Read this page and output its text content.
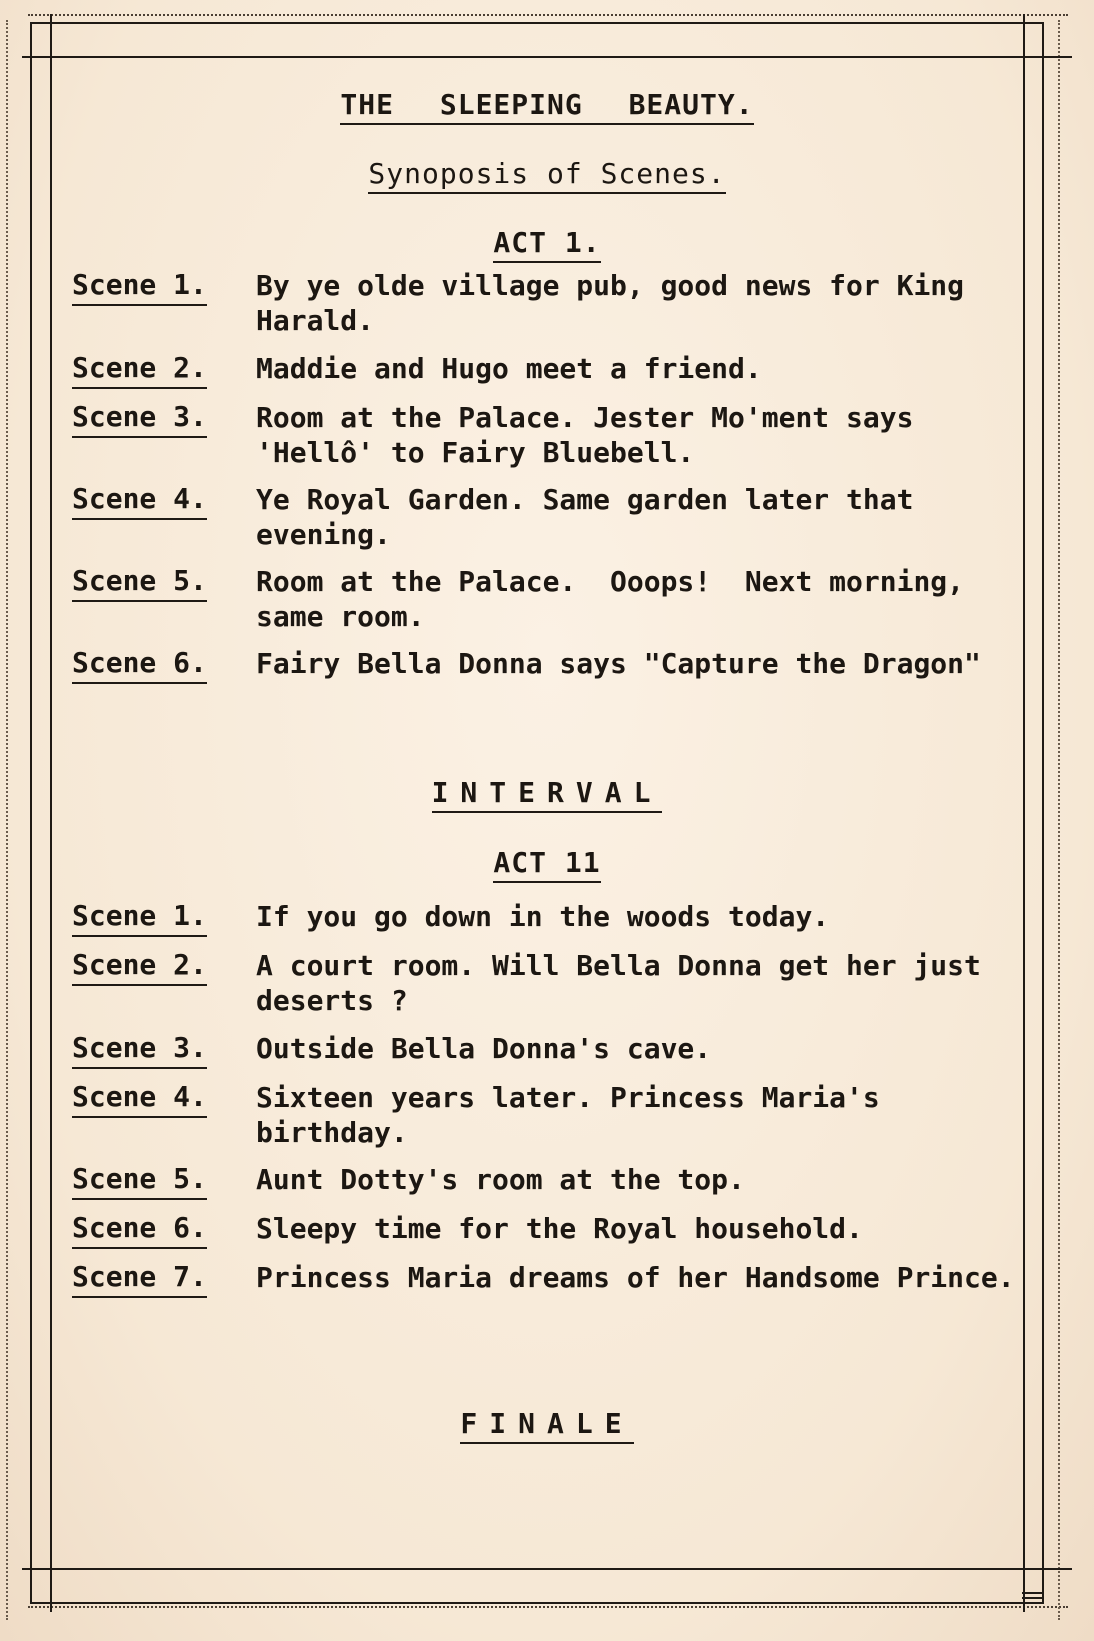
THE SLEEPING BEAUTY.
Synoposis of Scenes.
ACT 1.
Scene 1. By ye olde village pub, good news for King Harald.
Scene 2. Maddie and Hugo meet a friend.
Scene 3. Room at the Palace. Jester Mo'ment says 'Hellô' to Fairy Bluebell.
Scene 4. Ye Royal Garden. Same garden later that evening.
Scene 5. Room at the Palace.  Ooops!  Next morning, same room.
Scene 6. Fairy Bella Donna says "Capture the Dragon"
INTERVAL
ACT 11
Scene 1. If you go down in the woods today.
Scene 2. A court room. Will Bella Donna get her just deserts ?
Scene 3. Outside Bella Donna's cave.
Scene 4. Sixteen years later. Princess Maria's birthday.
Scene 5. Aunt Dotty's room at the top.
Scene 6. Sleepy time for the Royal household.
Scene 7. Princess Maria dreams of her Handsome Prince.
FINALE
